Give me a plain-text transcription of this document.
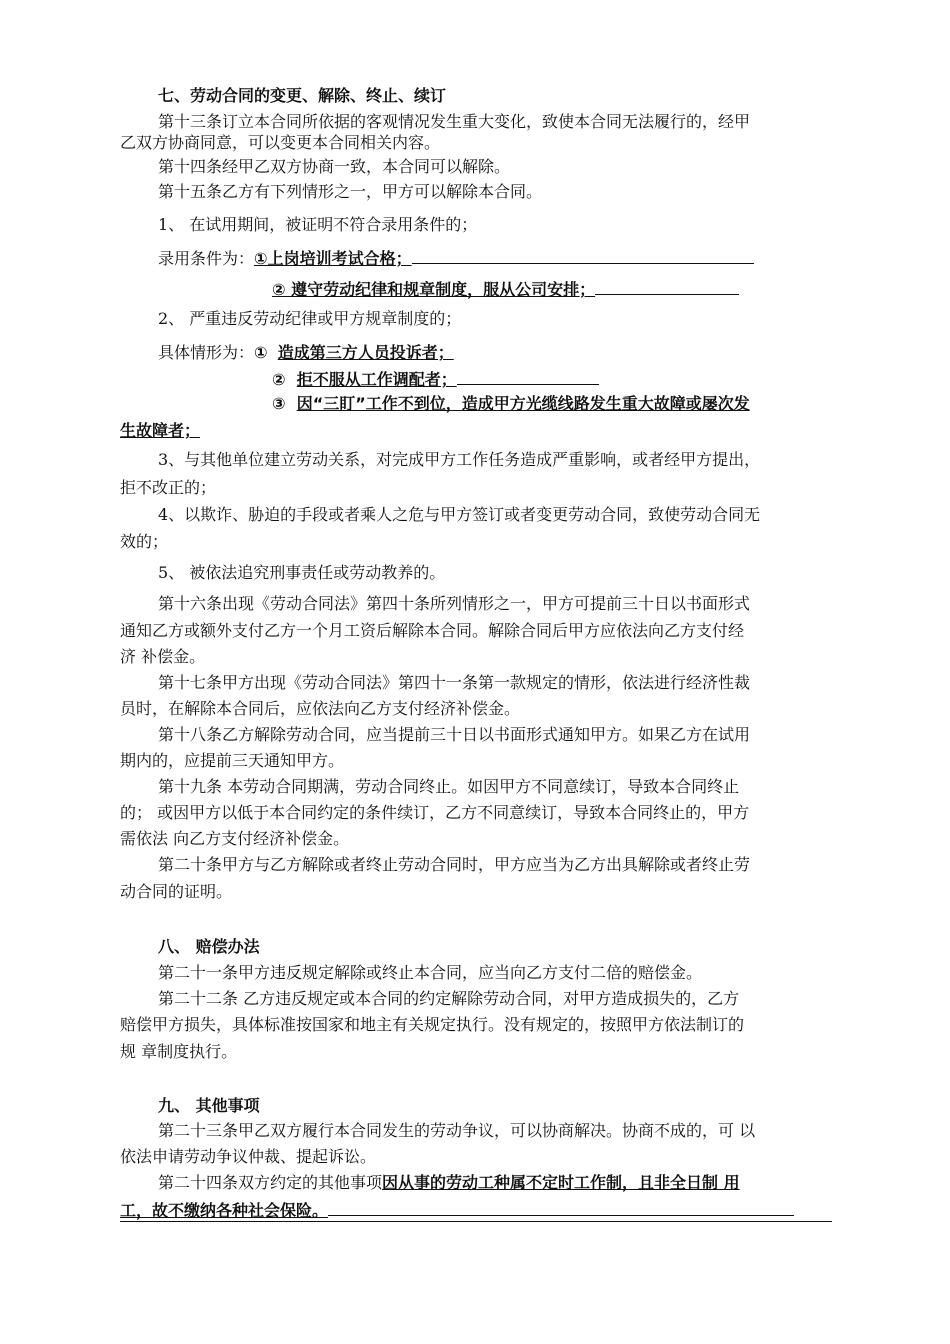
七、劳动合同的变更、解除、终止、续订
第十三条订立本合同所依据的客观情况发生重大变化，致使本合同无法履行的，经甲
乙双方协商同意，可以变更本合同相关内容。
第十四条经甲乙双方协商一致，本合同可以解除。
第十五条乙方有下列情形之一，甲方可以解除本合同。
1、 在试用期间，被证明不符合录用条件的；
录用条件为：①上岗培训考试合格；
② 遵守劳动纪律和规章制度，服从公司安排；
2、 严重违反劳动纪律或甲方规章制度的；
具体情形为：① 造成第三方人员投诉者；
② 拒不服从工作调配者；
③ 因“三盯”工作不到位，造成甲方光缆线路发生重大故障或屡次发
生故障者；
3、与其他单位建立劳动关系，对完成甲方工作任务造成严重影响，或者经甲方提出，
拒不改正的；
4、以欺诈、胁迫的手段或者乘人之危与甲方签订或者变更劳动合同，致使劳动合同无
效的；
5、 被依法追究刑事责任或劳动教养的。
第十六条出现《劳动合同法》第四十条所列情形之一，甲方可提前三十日以书面形式
通知乙方或额外支付乙方一个月工资后解除本合同。解除合同后甲方应依法向乙方支付经
济 补偿金。
第十七条甲方出现《劳动合同法》第四十一条第一款规定的情形，依法进行经济性裁
员时，在解除本合同后，应依法向乙方支付经济补偿金。
第十八条乙方解除劳动合同，应当提前三十日以书面形式通知甲方。如果乙方在试用
期内的，应提前三天通知甲方。
第十九条 本劳动合同期满，劳动合同终止。如因甲方不同意续订，导致本合同终止
的； 或因甲方以低于本合同约定的条件续订，乙方不同意续订，导致本合同终止的，甲方
需依法 向乙方支付经济补偿金。
第二十条甲方与乙方解除或者终止劳动合同时，甲方应当为乙方出具解除或者终止劳
动合同的证明。
八、 赔偿办法
第二十一条甲方违反规定解除或终止本合同，应当向乙方支付二倍的赔偿金。
第二十二条 乙方违反规定或本合同的约定解除劳动合同，对甲方造成损失的，乙方
赔偿甲方损失，具体标准按国家和地主有关规定执行。没有规定的，按照甲方依法制订的
规 章制度执行。
九、 其他事项
第二十三条甲乙双方履行本合同发生的劳动争议，可以协商解决。协商不成的，可 以
依法申请劳动争议仲裁、提起诉讼。
第二十四条双方约定的其他事项因从事的劳动工种属不定时工作制，且非全日制 用
工，故不缴纳各种社会保险。
